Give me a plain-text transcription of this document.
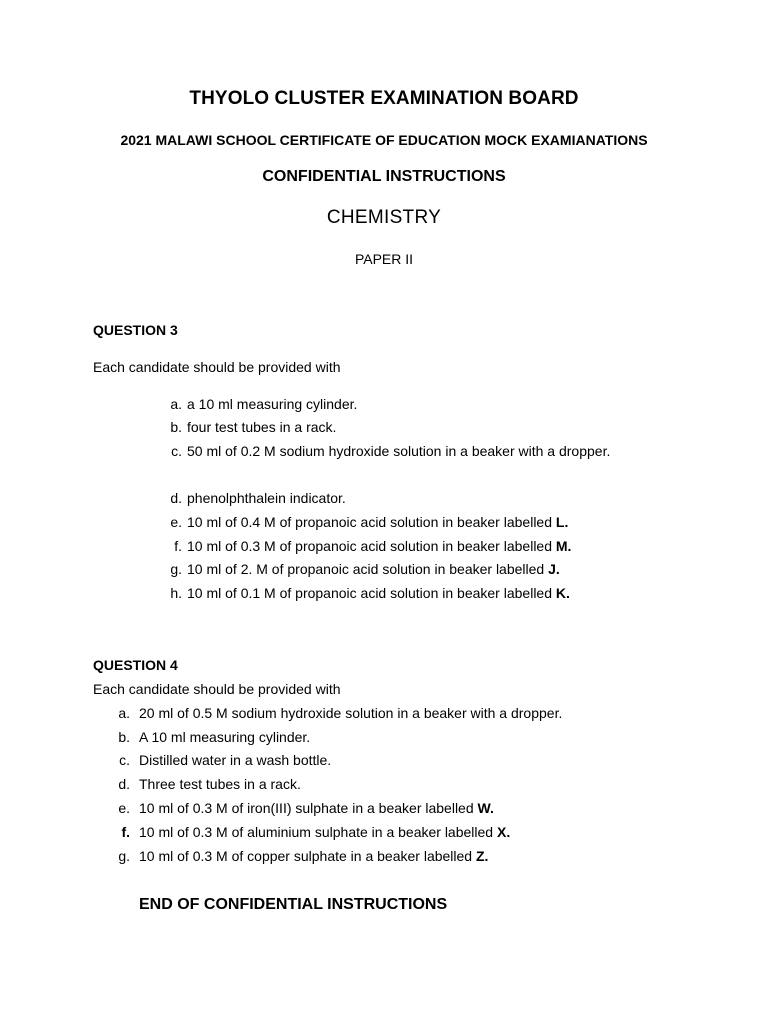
THYOLO CLUSTER EXAMINATION BOARD
2021 MALAWI SCHOOL CERTIFICATE OF EDUCATION MOCK EXAMIANATIONS
CONFIDENTIAL INSTRUCTIONS
CHEMISTRY
PAPER II
QUESTION 3
Each candidate should be provided with
a. a 10 ml measuring cylinder.
b. four test tubes in a rack.
c. 50 ml of 0.2 M sodium hydroxide solution in a beaker with a dropper.
d. phenolphthalein indicator.
e. 10 ml of 0.4 M of propanoic acid solution in beaker labelled L.
f. 10 ml of 0.3 M of propanoic acid solution in beaker labelled M.
g. 10 ml of 2. M of propanoic acid solution in beaker labelled J.
h. 10 ml of 0.1 M of propanoic acid solution in beaker labelled K.
QUESTION 4
Each candidate should be provided with
a. 20 ml of 0.5 M sodium hydroxide solution in a beaker with a dropper.
b. A 10 ml measuring cylinder.
c. Distilled water in a wash bottle.
d. Three test tubes in a rack.
e. 10 ml of 0.3 M of iron(III) sulphate in a beaker labelled W.
f. 10 ml of 0.3 M of aluminium sulphate in a beaker labelled X.
g. 10 ml of 0.3 M of copper sulphate in a beaker labelled Z.
END OF CONFIDENTIAL INSTRUCTIONS
